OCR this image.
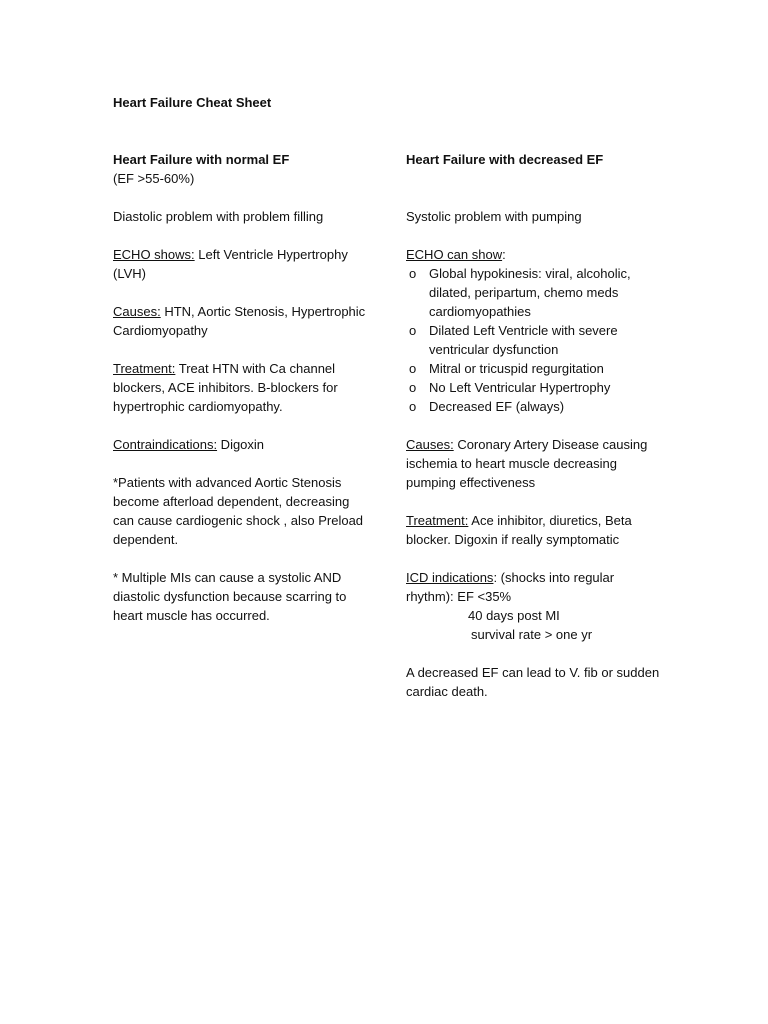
Heart Failure Cheat Sheet

Heart Failure with normal EF

(EF >55-60%)

Diastolic problem with problem filling

ECHO shows: Left Ventricle Hypertrophy (LVH)

Causes: HTN, Aortic Stenosis, Hypertrophic Cardiomyopathy

Treatment: Treat HTN with Ca channel blockers, ACE inhibitors. B-blockers for hypertrophic cardiomyopathy.

Contraindications: Digoxin

*Patients with advanced Aortic Stenosis become afterload dependent, decreasing can cause cardiogenic shock , also Preload dependent.

* Multiple MIs can cause a systolic AND diastolic dysfunction because scarring to heart muscle has occurred.

Heart Failure with decreased EF

Systolic problem with pumping

ECHO can show:

o Global hypokinesis: viral, alcoholic, dilated, peripartum, chemo meds cardiomyopathies
o Dilated Left Ventricle with severe ventricular dysfunction
o Mitral or tricuspid regurgitation
o No Left Ventricular Hypertrophy
o Decreased EF (always)

Causes: Coronary Artery Disease causing ischemia to heart muscle decreasing pumping effectiveness

Treatment: Ace inhibitor, diuretics, Beta blocker. Digoxin if really symptomatic

ICD indications: (shocks into regular rhythm): EF <35%

40 days post MI

survival rate > one yr

A decreased EF can lead to V. fib or sudden cardiac death.
